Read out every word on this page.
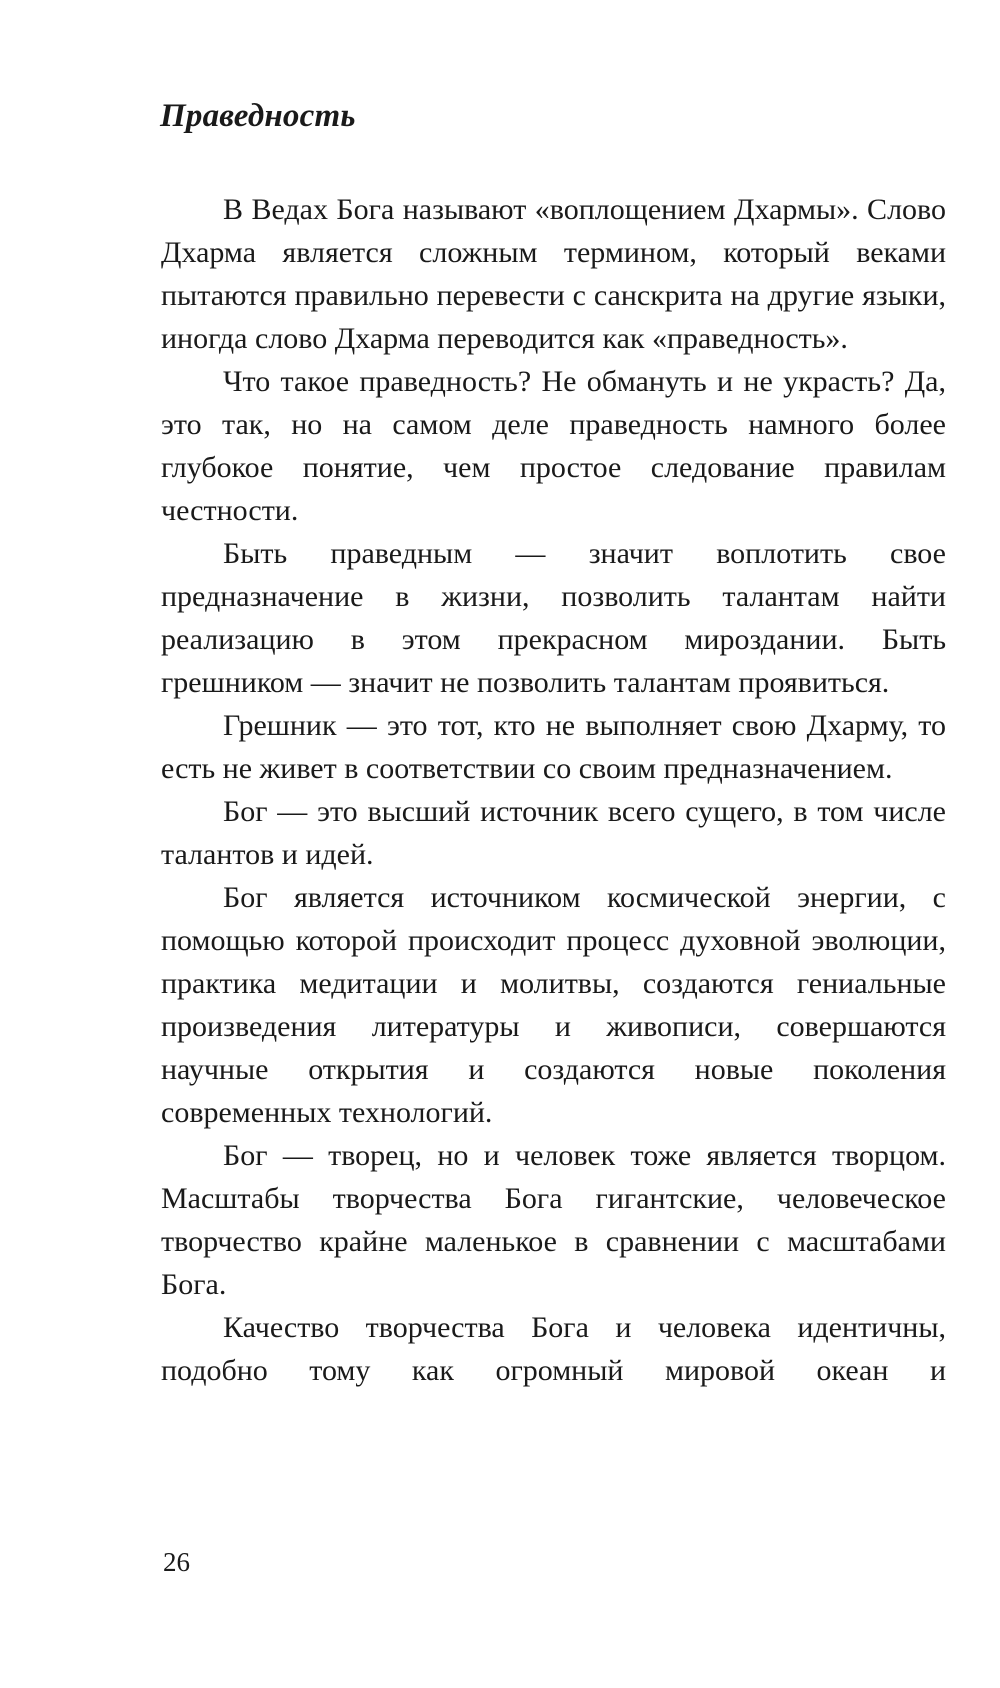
Праведность

В Ведах Бога называют «воплощением Дхармы». Слово Дхарма является сложным термином, который веками пытаются правильно перевести с санскрита на другие языки, иногда слово Дхарма переводится как «праведность».

Что такое праведность? Не обмануть и не украсть? Да, это так, но на самом деле праведность намного более глубокое понятие, чем простое следование правилам честности.

Быть праведным — значит воплотить свое предназначение в жизни, позволить талантам найти реализацию в этом прекрасном мироздании. Быть грешником — значит не позволить талантам проявиться.

Грешник — это тот, кто не выполняет свою Дхарму, то есть не живет в соответствии со своим предназначением.

Бог — это высший источник всего сущего, в том числе талантов и идей.

Бог является источником космической энергии, с помощью которой происходит процесс духовной эволюции, практика медитации и молитвы, создаются гениальные произведения литературы и живописи, совершаются научные открытия и создаются новые поколения современных технологий.

Бог — творец, но и человек тоже является творцом. Масштабы творчества Бога гигантские, человеческое творчество крайне маленькое в сравнении с масштабами Бога.

Качество творчества Бога и человека идентичны, подобно тому как огромный мировой океан и

26
